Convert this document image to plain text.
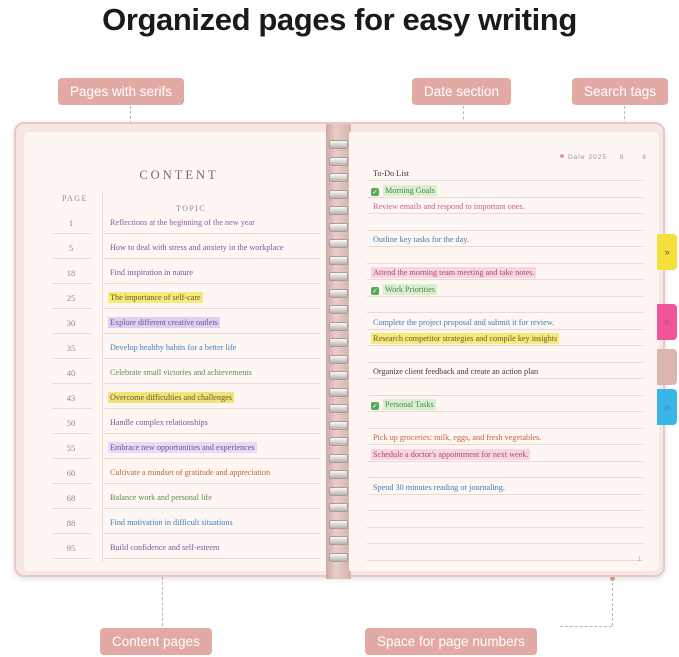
Organized pages for easy writing
Pages with serifs	Date section	Search tags
Content pages	Space for page numbers
CONTENT
PAGE
TOPIC
1	Reflections at the beginning of the new year
5	How to deal with stress and anxiety in the workplace
18	Find inspiration in nature
25	The importance of self-care
30	Explore different creative outlets
35	Develop healthy habits for a better life
40	Celebrate small victories and achievements
43	Overcome difficulties and challenges
50	Handle complex relationships
55	Embrace new opportunities and experiences
60	Cultivate a mindset of gratitude and appreciation
68	Balance work and personal life
88	Find motivation in difficult situations
95	Build confidence and self-esteem
Date 2025 8	8
To-Do List
✓ Morning Goals
Review emails and respond to important ones.
Outline key tasks for the day.
Attend the morning team meeting and take notes.
✓ Work Priorities
Complete the project proposal and submit it for review.
Research competitor strategies and compile key insights
Organize client feedback and create an action plan
✓ Personal Tasks
Pick up groceries: milk, eggs, and fresh vegetables.
Schedule a doctor's appointment for next week.
Spend 30 minutes reading or journaling.
1
»
○
∩
